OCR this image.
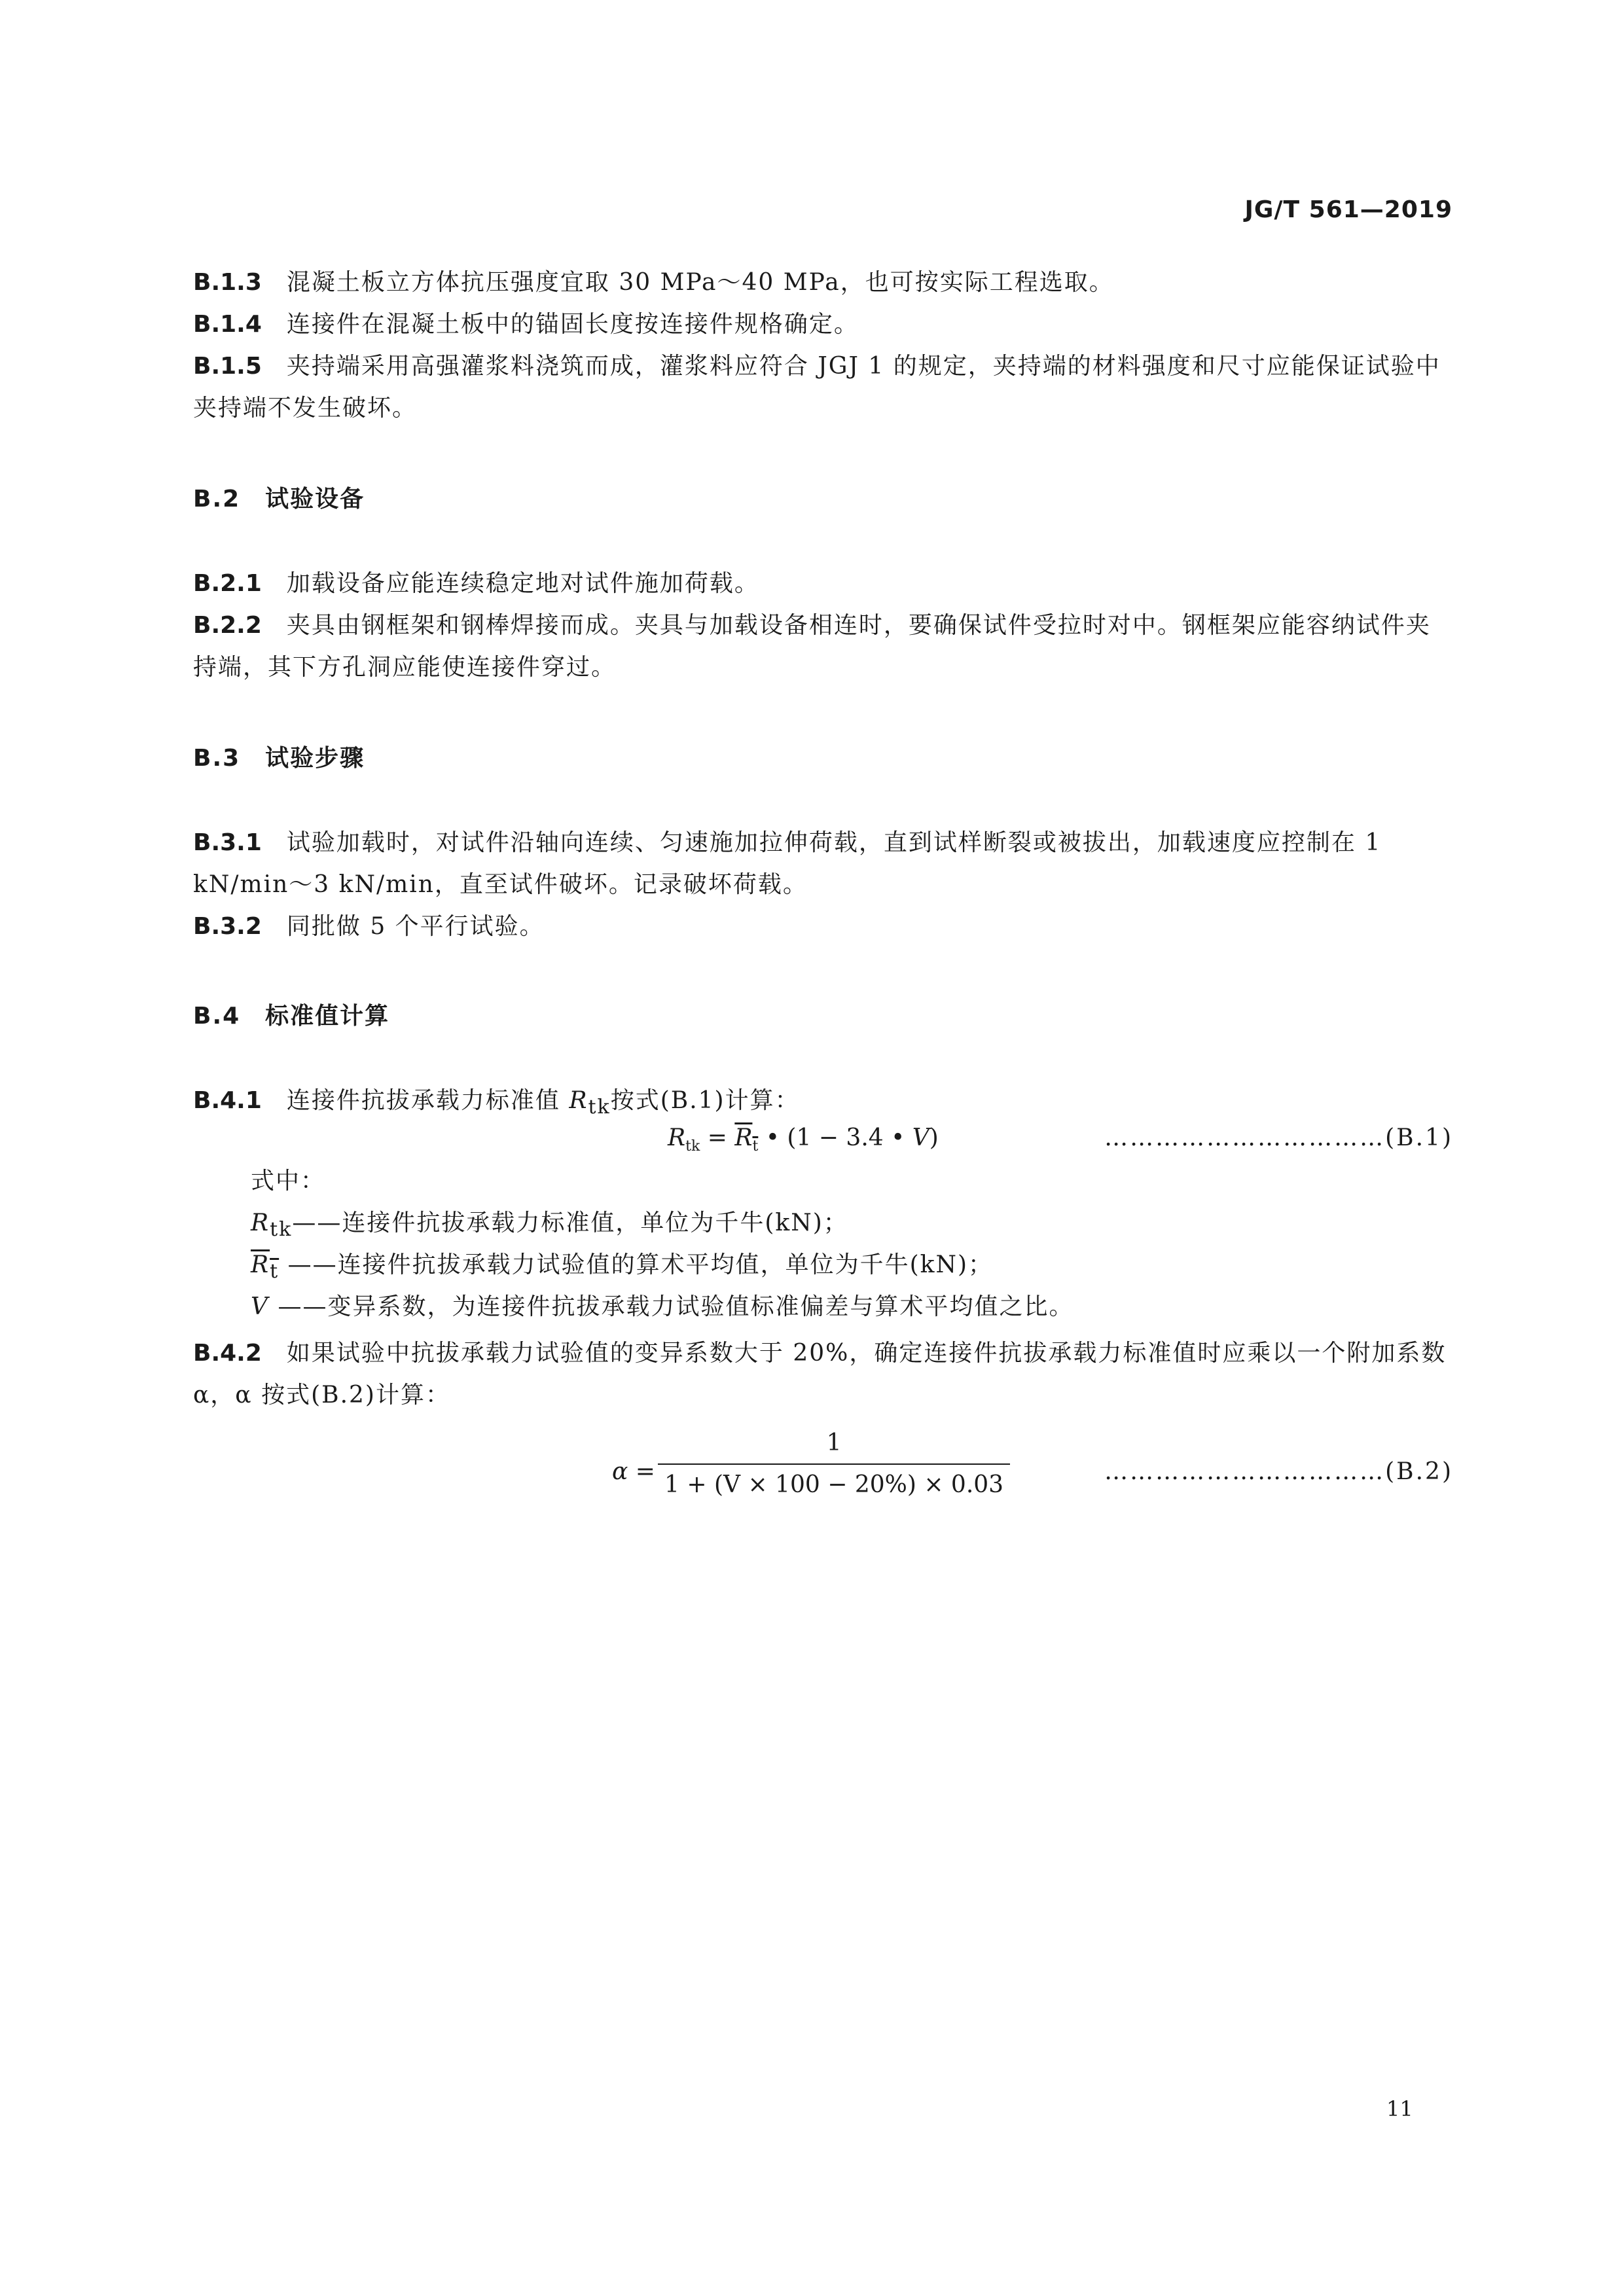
JG/T 561—2019

B.1.3 混凝土板立方体抗压强度宜取 30 MPa～40 MPa，也可按实际工程选取。

B.1.4 连接件在混凝土板中的锚固长度按连接件规格确定。

B.1.5 夹持端采用高强灌浆料浇筑而成，灌浆料应符合 JGJ 1 的规定，夹持端的材料强度和尺寸应能保证试验中夹持端不发生破坏。

B.2 试验设备

B.2.1 加载设备应能连续稳定地对试件施加荷载。

B.2.2 夹具由钢框架和钢棒焊接而成。夹具与加载设备相连时，要确保试件受拉时对中。钢框架应能容纳试件夹持端，其下方孔洞应能使连接件穿过。

B.3 试验步骤

B.3.1 试验加载时，对试件沿轴向连续、匀速施加拉伸荷载，直到试样断裂或被拔出，加载速度应控制在 1 kN/min～3 kN/min，直至试件破坏。记录破坏荷载。

B.3.2 同批做 5 个平行试验。

B.4 标准值计算

B.4.1 连接件抗拔承载力标准值 $R_{tk}$按式(B.1)计算：

$R_{tk} = R_t$ • (1 − 3.4 • V)	……………………………(B.1)
式中：
$R_{tk}——$连接件抗拔承载力标准值，单位为千牛(kN)；
$R_t$ ——连接件抗拔承载力试验值的算术平均值，单位为千牛(kN)；
V ——变异系数，为连接件抗拔承载力试验值标准偏差与算术平均值之比。

B.4.2 如果试验中抗拔承载力试验值的变异系数大于 20%，确定连接件抗拔承载力标准值时应乘以一个附加系数 α，α 按式(B.2)计算：

α =
1
1 + (V × 100 − 20%) × 0.03	……………………………(B.2)
11
